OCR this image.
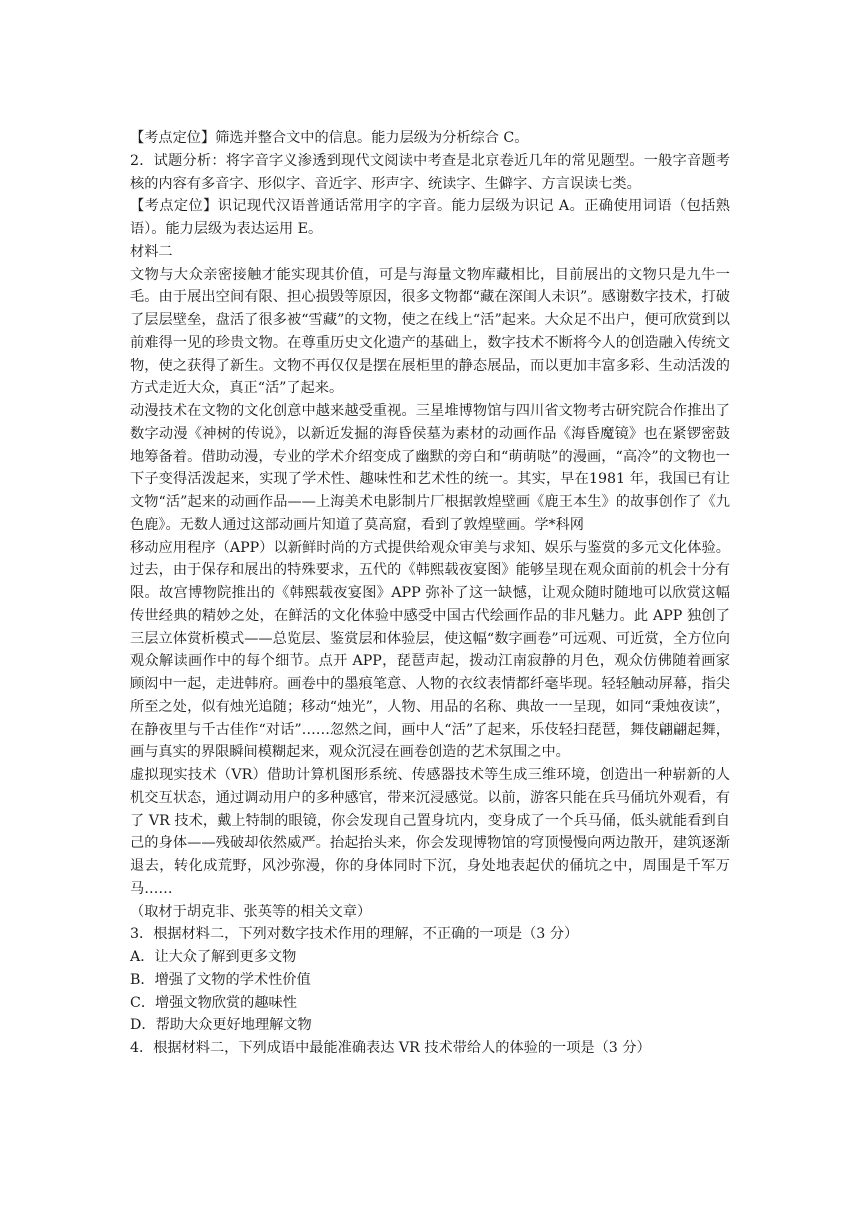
【考点定位】筛选并整合文中的信息。能力层级为分析综合 C。

2．试题分析：将字音字义渗透到现代文阅读中考查是北京卷近几年的常见题型。一般字音题考核的内容有多音字、形似字、音近字、形声字、统读字、生僻字、方言误读七类。

【考点定位】识记现代汉语普通话常用字的字音。能力层级为识记 A。正确使用词语（包括熟语）。能力层级为表达运用 E。

材料二

文物与大众亲密接触才能实现其价值，可是与海量文物库藏相比，目前展出的文物只是九牛一毛。由于展出空间有限、担心损毁等原因，很多文物都“藏在深闺人未识”。感谢数字技术，打破了层层壁垒，盘活了很多被“雪藏”的文物，使之在线上“活”起来。大众足不出户，便可欣赏到以前难得一见的珍贵文物。在尊重历史文化遗产的基础上，数字技术不断将今人的创造融入传统文物，使之获得了新生。文物不再仅仅是摆在展柜里的静态展品，而以更加丰富多彩、生动活泼的方式走近大众，真正“活”了起来。

动漫技术在文物的文化创意中越来越受重视。三星堆博物馆与四川省文物考古研究院合作推出了数字动漫《神树的传说》，以新近发掘的海昏侯墓为素材的动画作品《海昏魔镜》也在紧锣密鼓地筹备着。借助动漫，专业的学术介绍变成了幽默的旁白和“萌萌哒”的漫画，“高冷”的文物也一下子变得活泼起来，实现了学术性、趣味性和艺术性的统一。其实，早在1981 年，我国已有让文物“活”起来的动画作品——上海美术电影制片厂根据敦煌壁画《鹿王本生》的故事创作了《九色鹿》。无数人通过这部动画片知道了莫高窟，看到了敦煌壁画。学*科网

移动应用程序（APP）以新鲜时尚的方式提供给观众审美与求知、娱乐与鉴赏的多元文化体验。过去，由于保存和展出的特殊要求，五代的《韩熙载夜宴图》能够呈现在观众面前的机会十分有限。故宫博物院推出的《韩熙载夜宴图》APP 弥补了这一缺憾，让观众随时随地可以欣赏这幅传世经典的精妙之处，在鲜活的文化体验中感受中国古代绘画作品的非凡魅力。此 APP 独创了三层立体赏析模式——总览层、鉴赏层和体验层，使这幅“数字画卷”可远观、可近赏，全方位向观众解读画作中的每个细节。点开 APP，琵琶声起，拨动江南寂静的月色，观众仿佛随着画家顾闳中一起，走进韩府。画卷中的墨痕笔意、人物的衣纹表情都纤毫毕现。轻轻触动屏幕，指尖所至之处，似有烛光追随；移动“烛光”，人物、用品的名称、典故一一呈现，如同“秉烛夜读”，在静夜里与千古佳作“对话”……忽然之间，画中人“活”了起来，乐伎轻扫琵琶，舞伎翩翩起舞，画与真实的界限瞬间模糊起来，观众沉浸在画卷创造的艺术氛围之中。

虚拟现实技术（VR）借助计算机图形系统、传感器技术等生成三维环境，创造出一种崭新的人机交互状态，通过调动用户的多种感官，带来沉浸感觉。以前，游客只能在兵马俑坑外观看，有了 VR 技术，戴上特制的眼镜，你会发现自己置身坑内，变身成了一个兵马俑，低头就能看到自己的身体——残破却依然威严。抬起抬头来，你会发现博物馆的穹顶慢慢向两边散开，建筑逐渐退去，转化成荒野，风沙弥漫，你的身体同时下沉，身处地表起伏的俑坑之中，周围是千军万马……

（取材于胡克非、张英等的相关文章）

3．根据材料二，下列对数字技术作用的理解，不正确的一项是（3 分）

A．让大众了解到更多文物

B．增强了文物的学术性价值

C．增强文物欣赏的趣味性

D．帮助大众更好地理解文物

4．根据材料二，下列成语中最能准确表达 VR 技术带给人的体验的一项是（3 分）
